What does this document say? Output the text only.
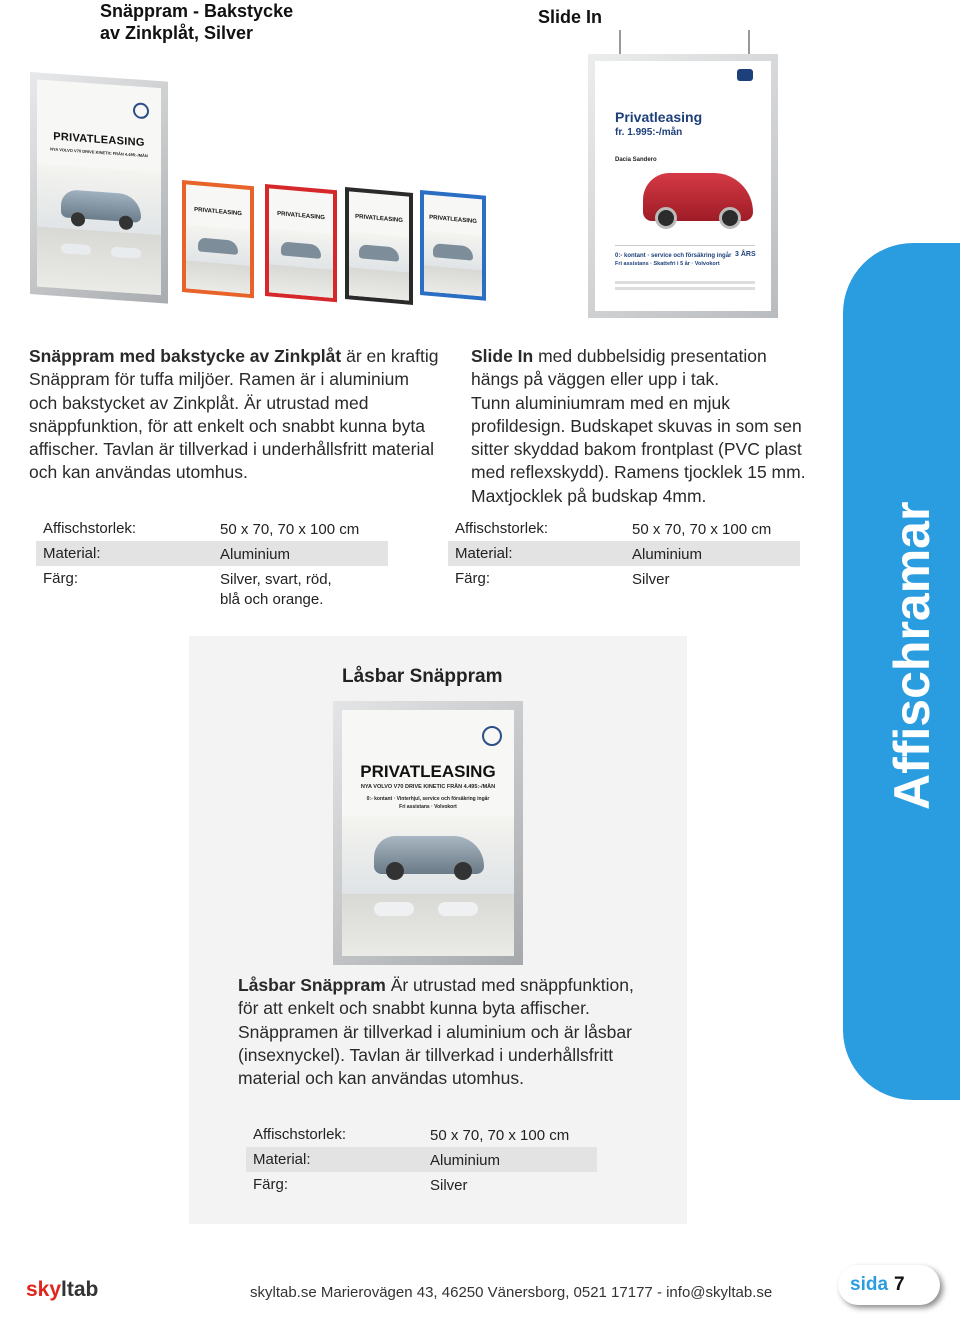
Snäppram - Bakstycke
av Zinkplåt, Silver
Slide In
PRIVATLEASING
NYA VOLVO V70 DRIVE KINETIC FRÅN 4.495:-/MÅN
PRIVATLEASING	PRIVATLEASING	PRIVATLEASING	PRIVATLEASING
Privatleasing
fr. 1.995:-/mån
Dacia Sandero
0:- kontant · service och försäkring ingår
Fri assistans · Skattefri i 5 år · Volvokort
3 ÅRS
Snäppram med bakstycke av Zinkplåt är en kraftig
Snäppram för tuffa miljöer. Ramen är i aluminium
och bakstycket av Zinkplåt. Är utrustad med
snäppfunktion, för att enkelt och snabbt kunna byta
affischer. Tavlan är tillverkad i underhållsfritt material
och kan användas utomhus.
Slide In med dubbelsidig presentation
hängs på väggen eller upp i tak.
Tunn aluminiumram med en mjuk
profildesign. Budskapet skuvas in som sen
sitter skyddad bakom frontplast (PVC plast
med reflexskydd). Ramens tjocklek 15 mm.
Maxtjocklek på budskap 4mm.
Affischstorlek:	50 x 70, 70 x 100 cm
Material:	Aluminium
Färg:	Silver, svart, röd,
blå och orange.
Affischstorlek:	50 x 70, 70 x 100 cm
Material:	Aluminium
Färg:	Silver
Låsbar Snäppram
PRIVATLEASING
NYA VOLVO V70 DRIVE KINETIC FRÅN 4.495:-/MÅN
0:- kontant · Vinterhjul, service och försäkring ingår
Fri assistans · Volvokort
Låsbar Snäppram Är utrustad med snäppfunktion,
för att enkelt och snabbt kunna byta affischer.
Snäppramen är tillverkad i aluminium och är låsbar
(insexnyckel). Tavlan är tillverkad i underhållsfritt
material och kan användas utomhus.
Affischstorlek:	50 x 70, 70 x 100 cm
Material:	Aluminium
Färg:	Silver
Affischramar
skyltab	skyltab.se Marierovägen 43, 46250 Vänersborg, 0521 17177 - info@skyltab.se	sida 7
